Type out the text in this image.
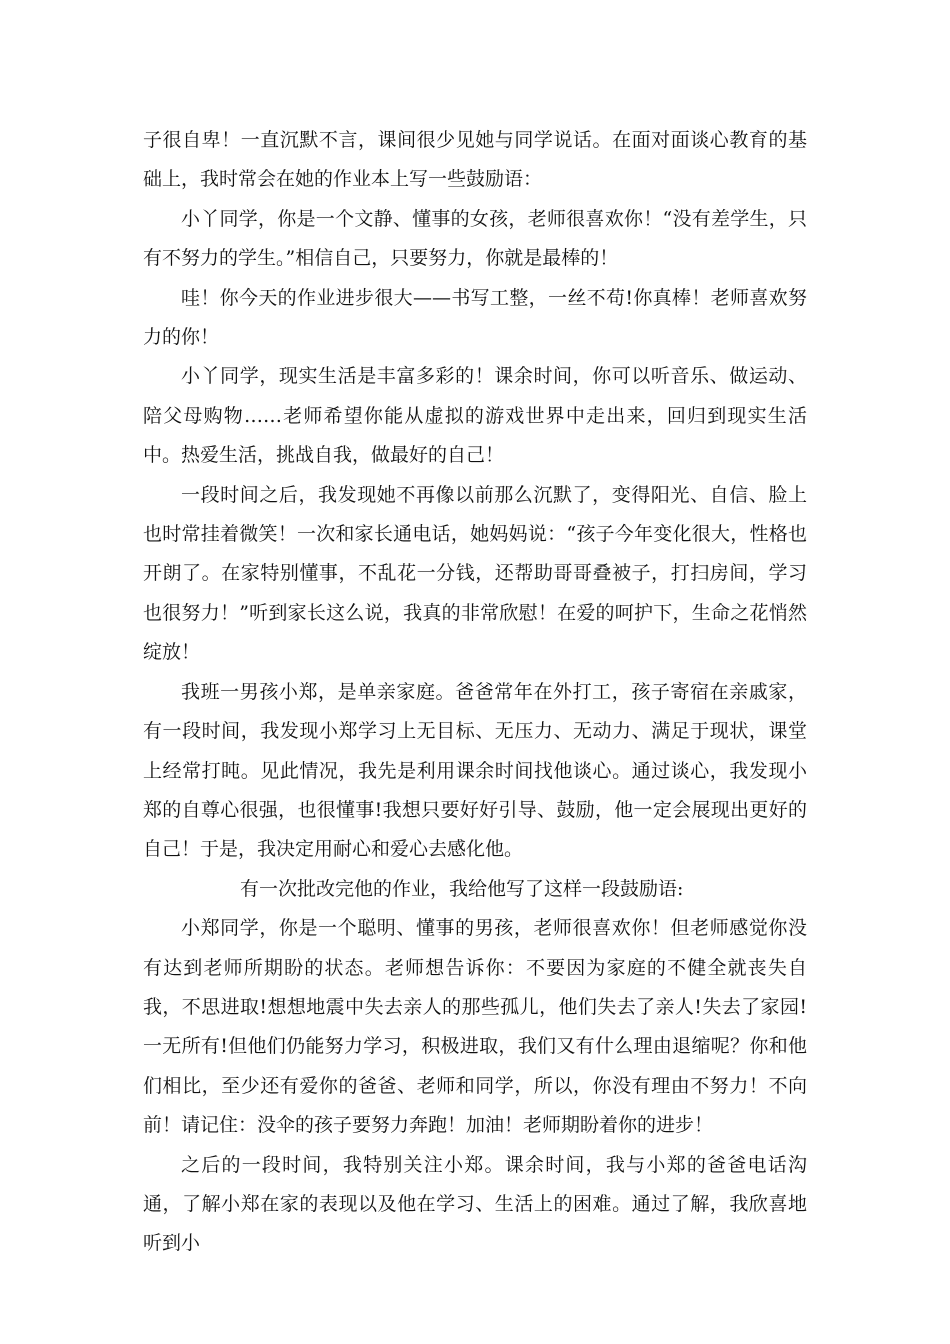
子很自卑！一直沉默不言，课间很少见她与同学说话。在面对面谈心教育的基础上，我时常会在她的作业本上写一些鼓励语：

小丫同学，你是一个文静、懂事的女孩，老师很喜欢你！“没有差学生，只有不努力的学生。”相信自己，只要努力，你就是最棒的！

哇！你今天的作业进步很大——书写工整，一丝不苟!你真棒！老师喜欢努力的你！

小丫同学，现实生活是丰富多彩的！课余时间，你可以听音乐、做运动、陪父母购物……老师希望你能从虚拟的游戏世界中走出来，回归到现实生活中。热爱生活，挑战自我，做最好的自己！

一段时间之后，我发现她不再像以前那么沉默了，变得阳光、自信、脸上也时常挂着微笑！一次和家长通电话，她妈妈说：“孩子今年变化很大，性格也开朗了。在家特别懂事，不乱花一分钱，还帮助哥哥叠被子，打扫房间，学习也很努力！”听到家长这么说，我真的非常欣慰！在爱的呵护下，生命之花悄然绽放！

我班一男孩小郑，是单亲家庭。爸爸常年在外打工，孩子寄宿在亲戚家，有一段时间，我发现小郑学习上无目标、无压力、无动力、满足于现状，课堂上经常打盹。见此情况，我先是利用课余时间找他谈心。通过谈心，我发现小郑的自尊心很强，也很懂事!我想只要好好引导、鼓励，他一定会展现出更好的自己！于是，我决定用耐心和爱心去感化他。

有一次批改完他的作业，我给他写了这样一段鼓励语:

小郑同学，你是一个聪明、懂事的男孩，老师很喜欢你！但老师感觉你没有达到老师所期盼的状态。老师想告诉你：不要因为家庭的不健全就丧失自我，不思进取!想想地震中失去亲人的那些孤儿，他们失去了亲人!失去了家园!一无所有!但他们仍能努力学习，积极进取，我们又有什么理由退缩呢？你和他们相比，至少还有爱你的爸爸、老师和同学，所以，你没有理由不努力！不向前！请记住：没伞的孩子要努力奔跑！加油！老师期盼着你的进步！

之后的一段时间，我特别关注小郑。课余时间，我与小郑的爸爸电话沟通，了解小郑在家的表现以及他在学习、生活上的困难。通过了解，我欣喜地听到小
